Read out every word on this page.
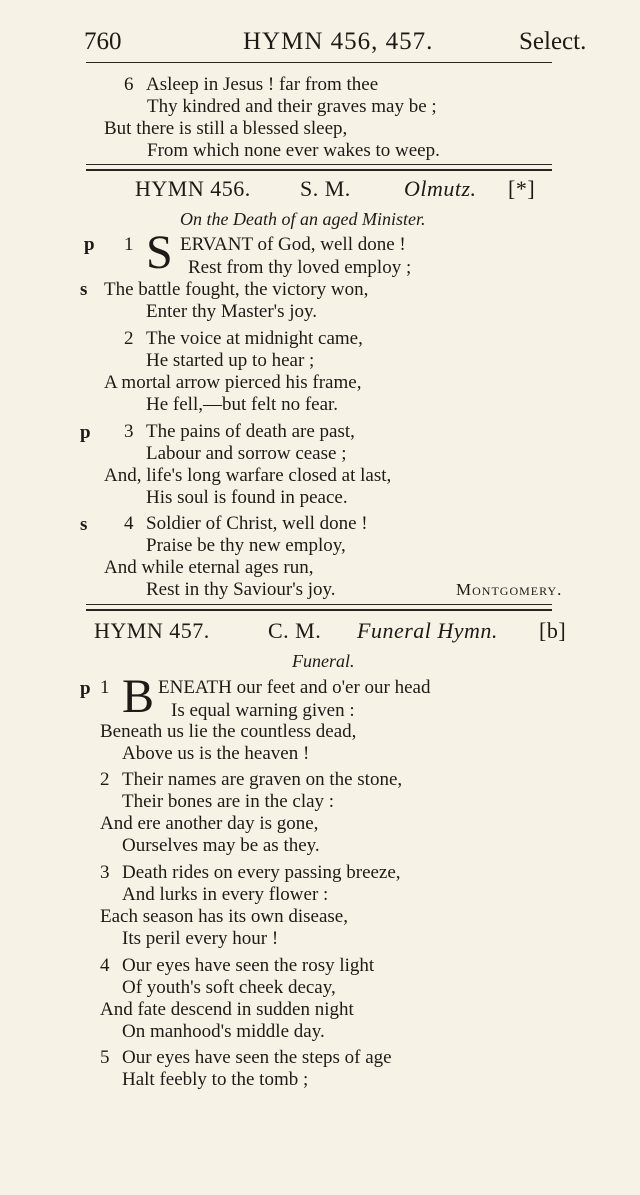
760	HYMN 456, 457.	Select.
6 Asleep in Jesus ! far from thee
Thy kindred and their graves may be ;
But there is still a blessed sleep,
From which none ever wakes to weep.
HYMN 456. S. M. Olmutz. [*]
On the Death of an aged Minister.
p 1 S ERVANT of God, well done !
Rest from thy loved employ ;
s The battle fought, the victory won,
Enter thy Master's joy.
2 The voice at midnight came,
He started up to hear ;
A mortal arrow pierced his frame,
He fell,—but felt no fear.
p 3 The pains of death are past,
Labour and sorrow cease ;
And, life's long warfare closed at last,
His soul is found in peace.
s 4 Soldier of Christ, well done !
Praise be thy new employ,
And while eternal ages run,
Rest in thy Saviour's joy.	Montgomery.
HYMN 457.	C. M. Funeral Hymn. [b]
Funeral.
p 1 B ENEATH our feet and o'er our head
Is equal warning given :
Beneath us lie the countless dead,
Above us is the heaven !
2 Their names are graven on the stone,
Their bones are in the clay :
And ere another day is gone,
Ourselves may be as they.
3 Death rides on every passing breeze,
And lurks in every flower :
Each season has its own disease,
Its peril every hour !
4 Our eyes have seen the rosy light
Of youth's soft cheek decay,
And fate descend in sudden night
On manhood's middle day.
5 Our eyes have seen the steps of age
Halt feebly to the tomb ;
